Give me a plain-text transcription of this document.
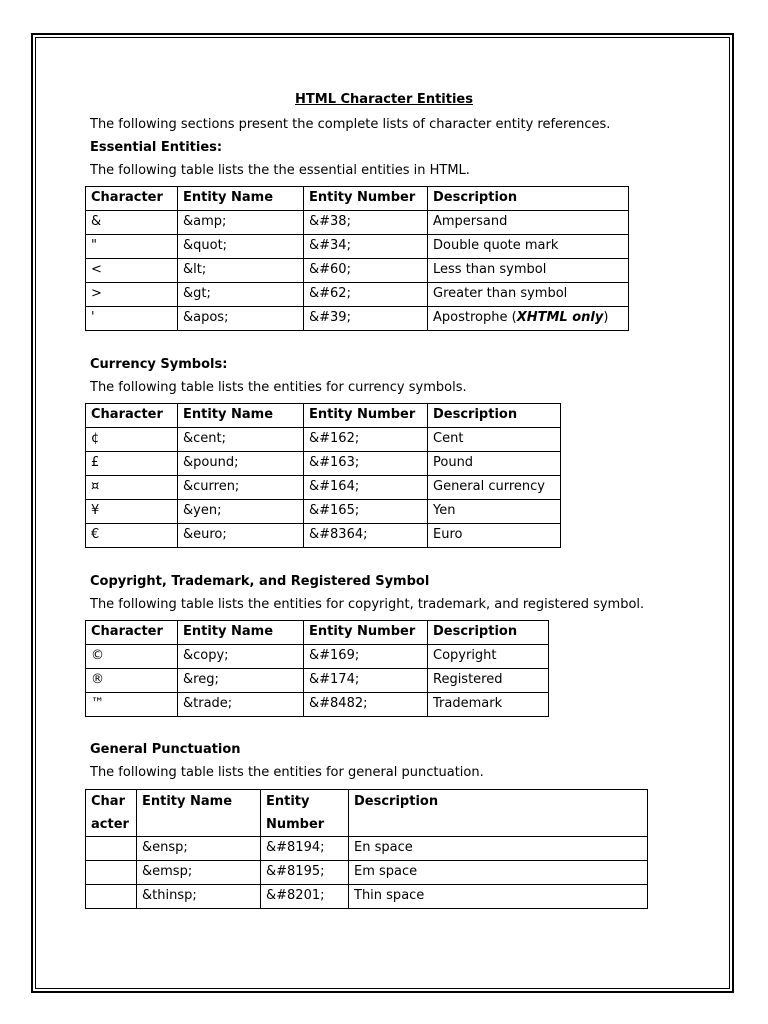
HTML Character Entities
The following sections present the complete lists of character entity references.
Essential Entities:
The following table lists the the essential entities in HTML.
Character	Entity Name	Entity Number	Description
&	&amp;	&#38;	Ampersand
"	&quot;	&#34;	Double quote mark
<	&lt;	&#60;	Less than symbol
>	&gt;	&#62;	Greater than symbol
'	&apos;	&#39;	Apostrophe (XHTML only)
Currency Symbols:
The following table lists the entities for currency symbols.
Character	Entity Name	Entity Number	Description
¢	&cent;	&#162;	Cent
£	&pound;	&#163;	Pound
¤	&curren;	&#164;	General currency
¥	&yen;	&#165;	Yen
€	&euro;	&#8364;	Euro
Copyright, Trademark, and Registered Symbol
The following table lists the entities for copyright, trademark, and registered symbol.
Character	Entity Name	Entity Number	Description
©	&copy;	&#169;	Copyright
®	&reg;	&#174;	Registered
™	&trade;	&#8482;	Trademark
General Punctuation
The following table lists the entities for general punctuation.
Char acter	Entity Name	Entity Number	Description
	&ensp;	&#8194;	En space
	&emsp;	&#8195;	Em space
	&thinsp;	&#8201;	Thin space
